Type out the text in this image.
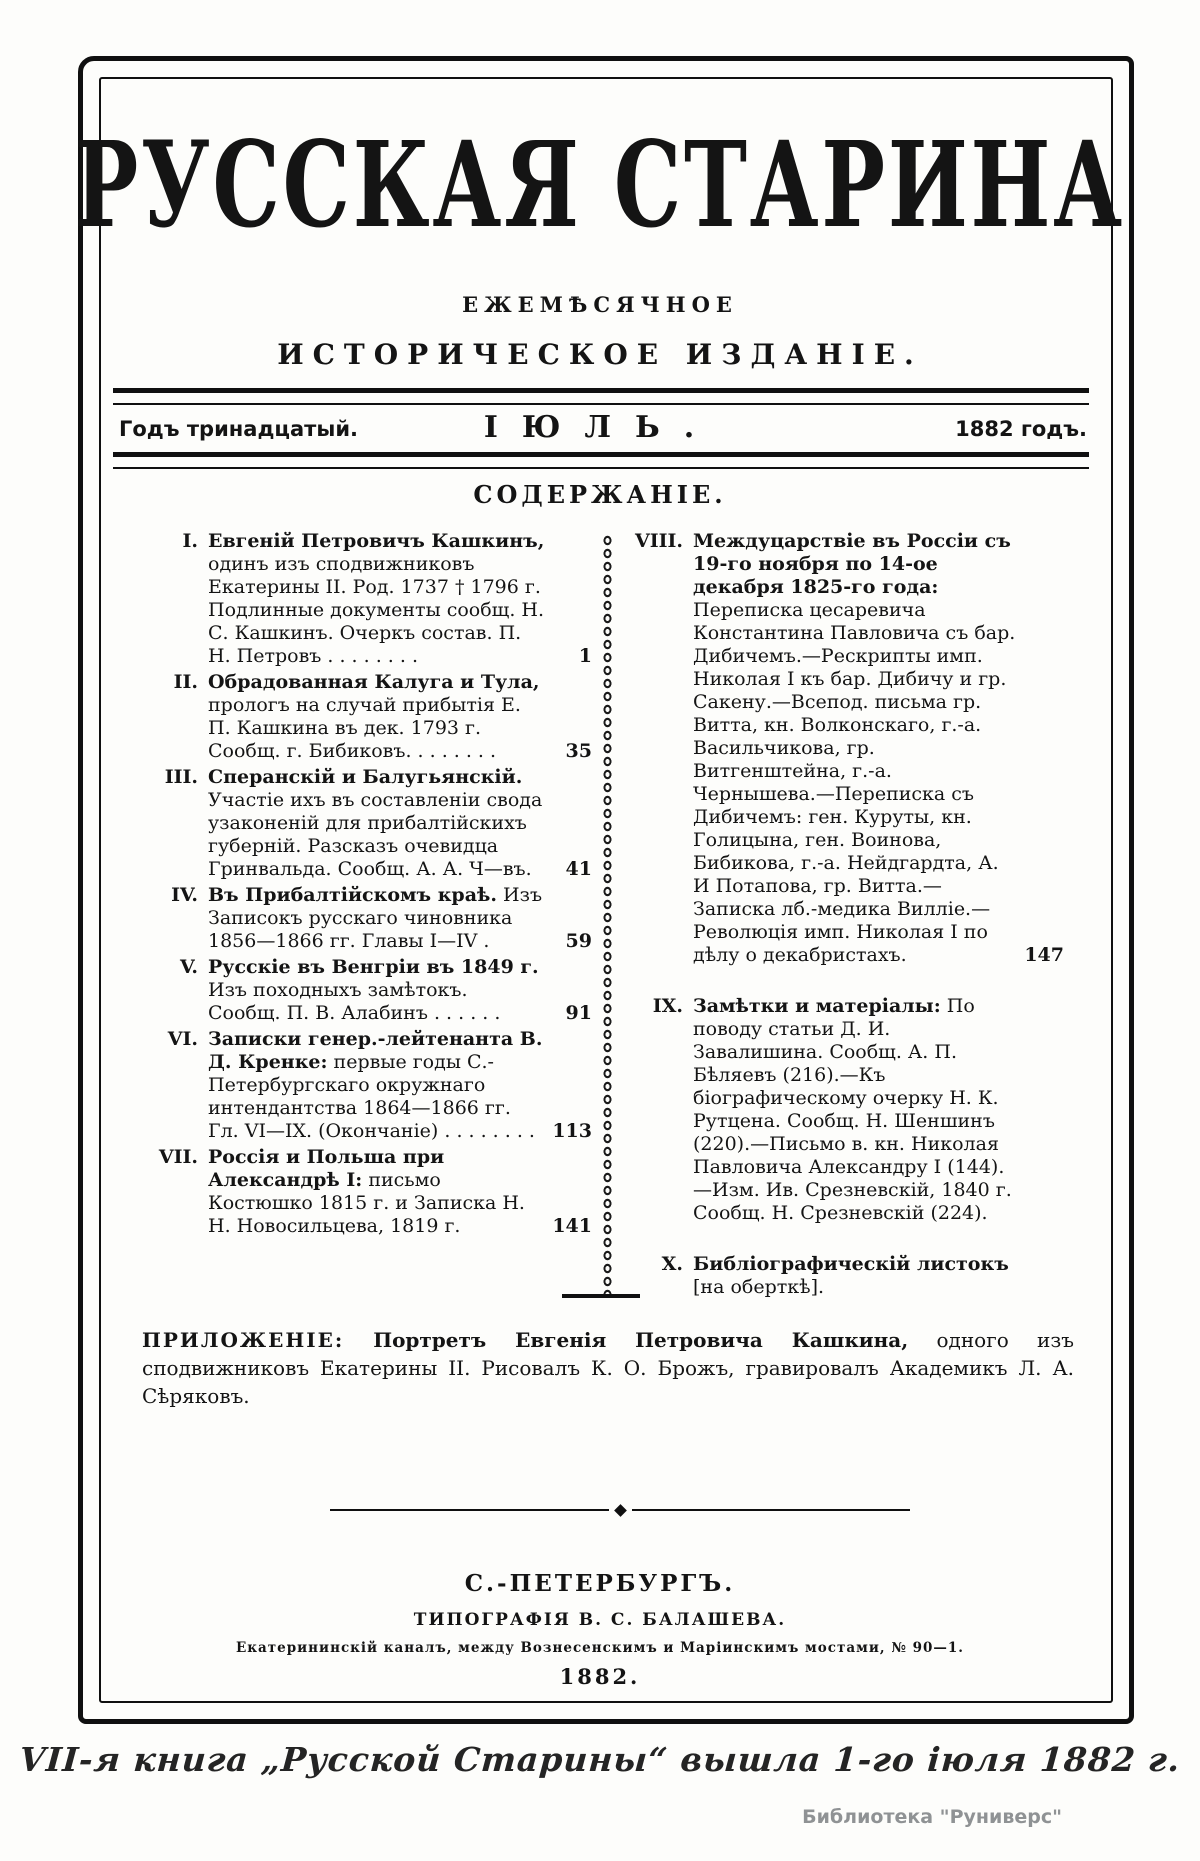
РУССКАЯ СТАРИНА
ЕЖЕМѢСЯЧНОЕ
ИСТОРИЧЕСКОЕ ИЗДАНІЕ.
Годъ тринадцатый.	ІЮЛЬ.	1882 годъ.
СОДЕРЖАНІЕ.
I. Евгеній Петровичъ Кашкинъ, одинъ изъ сподвижниковъ Екатерины II. Род. 1737 † 1796 г. Подлинные документы сообщ. Н. С. Кашкинъ. Очеркъ состав. П. Н. Петровъ . . . . . . . .	1
II. Обрадованная Калуга и Тула, прологъ на случай прибытія Е. П. Кашкина въ дек. 1793 г. Сообщ. г. Бибиковъ. . . . . . . .	35
III. Сперанскій и Балугьянскій. Участіе ихъ въ составленіи свода узаконеній для прибалтійскихъ губерній. Разсказъ очевидца Гринвальда. Сообщ. А. А. Ч—въ.	41
IV. Въ Прибалтійскомъ краѣ. Изъ Записокъ русскаго чиновника 1856—1866 гг. Главы I—IV .	59
V. Русскіе въ Венгріи въ 1849 г. Изъ походныхъ замѣтокъ. Сообщ. П. В. Алабинъ . . . . . .	91
VI. Записки генер.-лейтенанта В. Д. Кренке: первые годы С.-Петербургскаго окружнаго интендантства 1864—1866 гг. Гл. VI—IX. (Окончаніе) . . . . . . . . 113
VII. Россія и Польша при Александрѣ I: письмо Костюшко 1815 г. и Записка Н. Н. Новосильцева, 1819 г.	141
VIII. Междуцарствіе въ Россіи съ 19-го ноября по 14-ое декабря 1825-го года: Переписка цесаревича Константина Павловича съ бар. Дибичемъ.—Рескрипты имп. Николая I къ бар. Дибичу и гр. Сакену.—Всепод. письма гр. Витта, кн. Волконскаго, г.-а. Васильчикова, гр. Витгенштейна, г.-а. Чернышева.—Переписка съ Дибичемъ: ген. Куруты, кн. Голицына, ген. Воинова, Бибикова, г.-а. Нейдгардта, А. И Потапова, гр. Витта.—Записка лб.-медика Вилліе.—Революція имп. Николая I по дѣлу о декабристахъ.	147
IX. Замѣтки и матеріалы: По поводу статьи Д. И. Завалишина. Сообщ. А. П. Бѣляевъ (216).—Къ біографическому очерку Н. К. Рутцена. Сообщ. Н. Шеншинъ (220).—Письмо в. кн. Николая Павловича Александру I (144).—Изм. Ив. Срезневскій, 1840 г. Сообщ. Н. Срезневскій (224).
X. Библіографическій листокъ [на оберткѣ].
ПРИЛОЖЕНІЕ: Портретъ Евгенія Петровича Кашкина, одного изъ сподвижниковъ Екатерины II. Рисовалъ К. О. Брожъ, гравировалъ Академикъ Л. А. Сѣряковъ.
С.-ПЕТЕРБУРГЪ.
ТИПОГРАФІЯ В. С. БАЛАШЕВА.
Екатерининскій каналъ, между Вознесенскимъ и Маріинскимъ мостами, № 90—1.
1882.
VII-я книга „Русской Старины“ вышла 1-го іюля 1882 г.
Библиотека "Руниверс"
